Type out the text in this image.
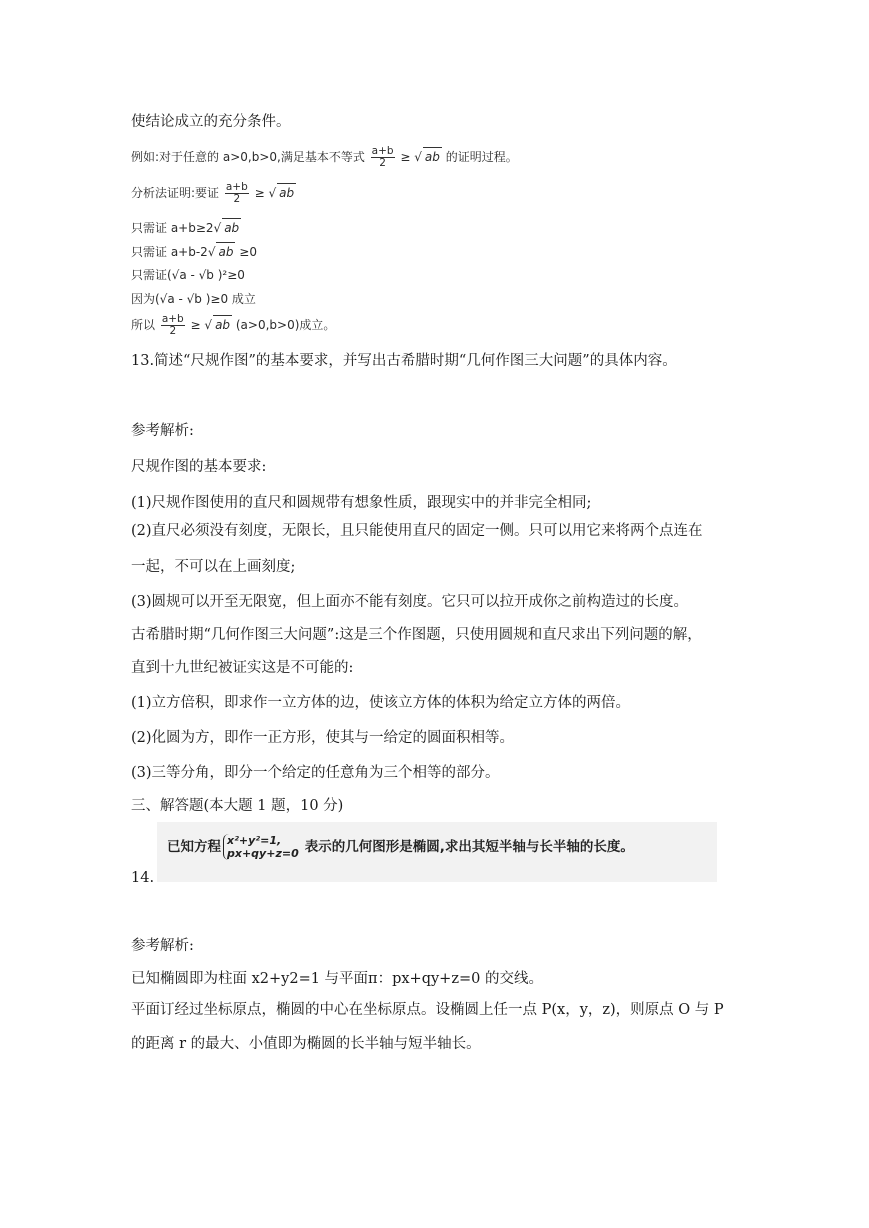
使结论成立的充分条件。
例如:对于任意的 a>0,b>0,满足基本不等式 $\frac{a+b}{2}$ ≥ √ ab 的证明过程。
分析法证明:要证 $\frac{a+b}{2}$ ≥ √ ab
只需证 a+b≥2√ ab
只需证 a+b-2√ ab ≥0
只需证(√a - √b )²≥0
因为(√a - √b )≥0 成立
所以 $\frac{a+b}{2}$ ≥ √ ab (a>0,b>0)成立。
13.简述“尺规作图”的基本要求，并写出古希腊时期“几何作图三大问题”的具体内容。
参考解析:
尺规作图的基本要求:
(1)尺规作图使用的直尺和圆规带有想象性质，跟现实中的并非完全相同;
(2)直尺必须没有刻度，无限长，且只能使用直尺的固定一侧。只可以用它来将两个点连在
一起，不可以在上画刻度;
(3)圆规可以开至无限宽，但上面亦不能有刻度。它只可以拉开成你之前构造过的长度。
古希腊时期“几何作图三大问题”:这是三个作图题，只使用圆规和直尺求出下列问题的解，
直到十九世纪被证实这是不可能的:
(1)立方倍积，即求作一立方体的边，使该立方体的体积为给定立方体的两倍。
(2)化圆为方，即作一正方形，使其与一给定的圆面积相等。
(3)三等分角，即分一个给定的任意角为三个相等的部分。
三、解答题(本大题 1 题，10 分)
已知方程 x²+y²=1,
px+qy+z=0 表示的几何图形是椭圆,求出其短半轴与长半轴的长度。
14.
参考解析:
已知椭圆即为柱面 x2+y2=1 与平面π：px+qy+z=0 的交线。
平面订经过坐标原点，椭圆的中心在坐标原点。设椭圆上任一点 P(x，y，z)，则原点 O 与 P
的距离 r 的最大、小值即为椭圆的长半轴与短半轴长。
